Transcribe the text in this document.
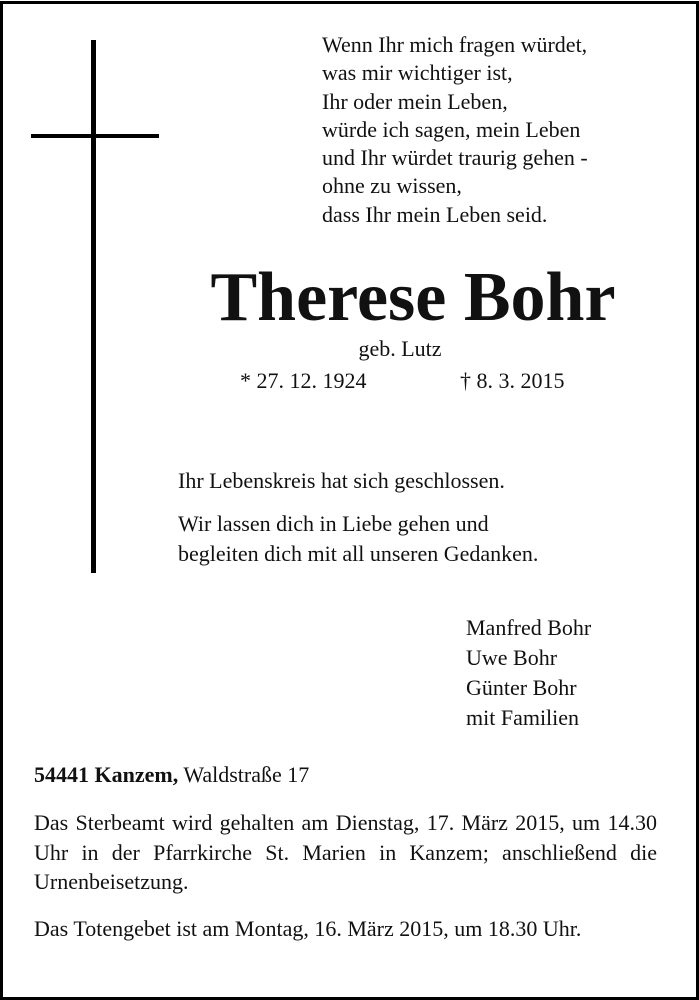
Wenn Ihr mich fragen würdet,
was mir wichtiger ist,
Ihr oder mein Leben,
würde ich sagen, mein Leben
und Ihr würdet traurig gehen -
ohne zu wissen,
dass Ihr mein Leben seid.
Therese Bohr
geb. Lutz
* 27. 12. 1924	† 8. 3. 2015
Ihr Lebenskreis hat sich geschlossen.
Wir lassen dich in Liebe gehen und
begleiten dich mit all unseren Gedanken.
Manfred Bohr
Uwe Bohr
Günter Bohr
mit Familien
54441 Kanzem, Waldstraße 17
Das Sterbeamt wird gehalten am Dienstag, 17. März 2015, um 14.30 Uhr in der Pfarrkirche St. Marien in Kanzem; anschließend die Urnenbeisetzung.
Das Totengebet ist am Montag, 16. März 2015, um 18.30 Uhr.
